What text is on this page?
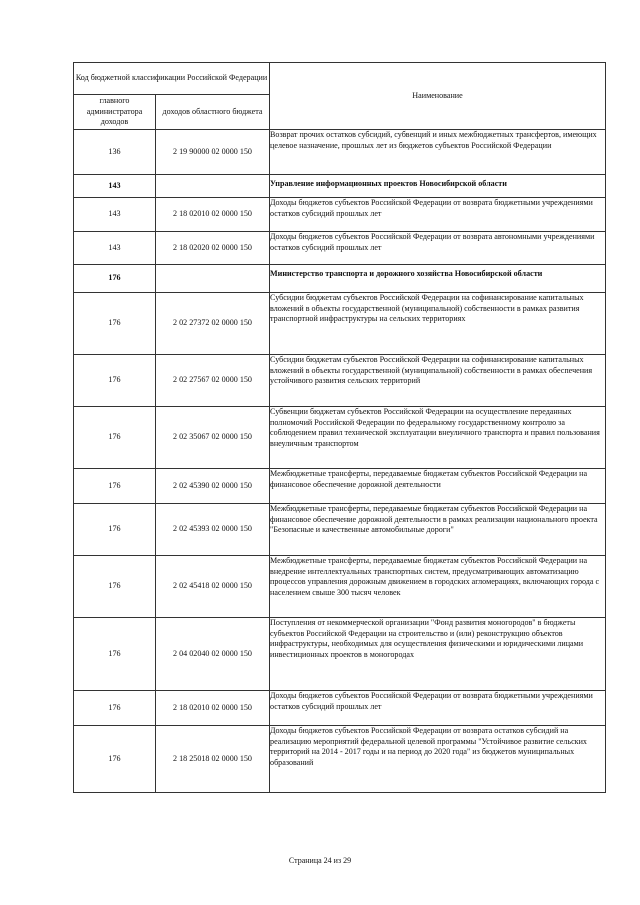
Код бюджетной классификации Российской Федерации		Наименование
главного администратора доходов	доходов областного бюджета	
136	2 19 90000 02 0000 150	Возврат прочих остатков субсидий, субвенций и иных межбюджетных трансфертов, имеющих целевое назначение, прошлых лет из бюджетов субъектов Российской Федерации
143		Управление информационных проектов Новосибирской области
143	2 18 02010 02 0000 150	Доходы бюджетов субъектов Российской Федерации от возврата бюджетными учреждениями остатков субсидий прошлых лет
143	2 18 02020 02 0000 150	Доходы бюджетов субъектов Российской Федерации от возврата автономными учреждениями остатков субсидий прошлых лет
176		Министерство транспорта и дорожного хозяйства Новосибирской области
176	2 02 27372 02 0000 150	Субсидии бюджетам субъектов Российской Федерации на софинансирование капитальных вложений в объекты государственной (муниципальной) собственности в рамках развития транспортной инфраструктуры на сельских территориях
176	2 02 27567 02 0000 150	Субсидии бюджетам субъектов Российской Федерации на софинансирование капитальных вложений в объекты государственной (муниципальной) собственности в рамках обеспечения устойчивого развития сельских территорий
176	2 02 35067 02 0000 150	Субвенции бюджетам субъектов Российской Федерации на осуществление переданных полномочий Российской Федерации по федеральному государственному контролю за соблюдением правил технической эксплуатации внеуличного транспорта и правил пользования внеуличным транспортом
176	2 02 45390 02 0000 150	Межбюджетные трансферты, передаваемые бюджетам субъектов Российской Федерации на финансовое обеспечение дорожной деятельности
176	2 02 45393 02 0000 150	Межбюджетные трансферты, передаваемые бюджетам субъектов Российской Федерации на финансовое обеспечение дорожной деятельности в рамках реализации национального проекта "Безопасные и качественные автомобильные дороги"
176	2 02 45418 02 0000 150	Межбюджетные трансферты, передаваемые бюджетам субъектов Российской Федерации на внедрение интеллектуальных транспортных систем, предусматривающих автоматизацию процессов управления дорожным движением в городских агломерациях, включающих города с населением свыше 300 тысяч человек
176	2 04 02040 02 0000 150	Поступления от некоммерческой организации "Фонд развития моногородов" в бюджеты субъектов Российской Федерации на строительство и (или) реконструкцию объектов инфраструктуры, необходимых для осуществления физическими и юридическими лицами инвестиционных проектов в моногородах
176	2 18 02010 02 0000 150	Доходы бюджетов субъектов Российской Федерации от возврата бюджетными учреждениями остатков субсидий прошлых лет
176	2 18 25018 02 0000 150	Доходы бюджетов субъектов Российской Федерации от возврата остатков субсидий на реализацию мероприятий федеральной целевой программы "Устойчивое развитие сельских территорий на 2014 - 2017 годы и на период до 2020 года" из бюджетов муниципальных образований
Страница 24 из 29
